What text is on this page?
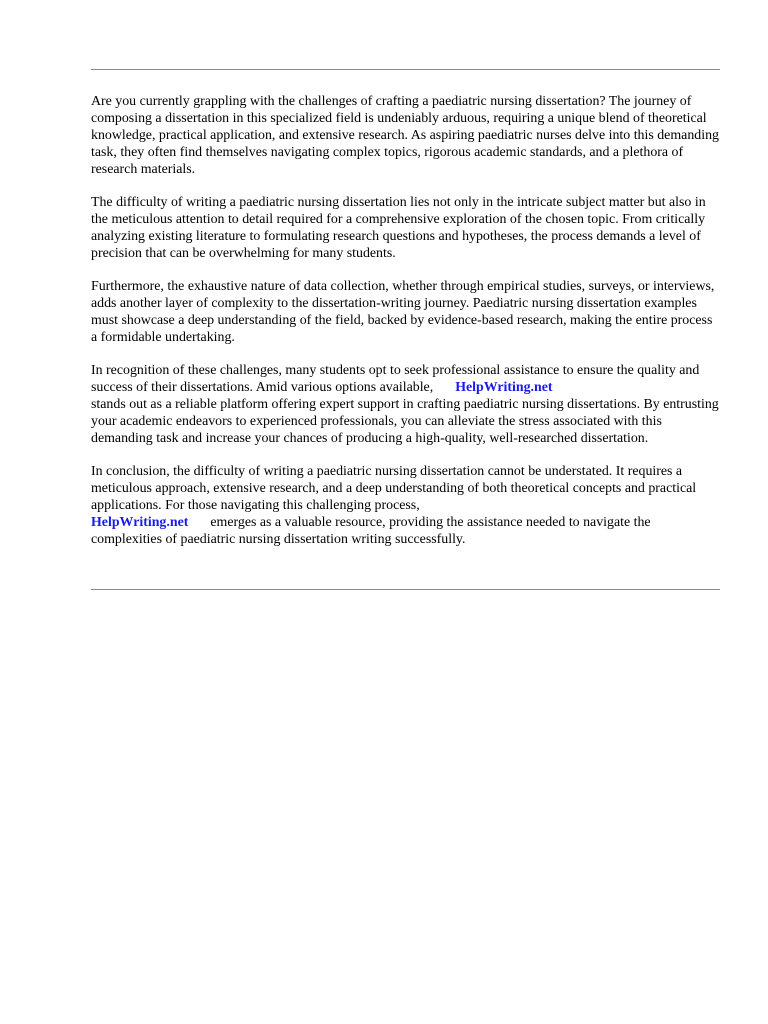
Are you currently grappling with the challenges of crafting a paediatric nursing dissertation? The journey of composing a dissertation in this specialized field is undeniably arduous, requiring a unique blend of theoretical knowledge, practical application, and extensive research. As aspiring paediatric nurses delve into this demanding task, they often find themselves navigating complex topics, rigorous academic standards, and a plethora of research materials.

The difficulty of writing a paediatric nursing dissertation lies not only in the intricate subject matter but also in the meticulous attention to detail required for a comprehensive exploration of the chosen topic. From critically analyzing existing literature to formulating research questions and hypotheses, the process demands a level of precision that can be overwhelming for many students.

Furthermore, the exhaustive nature of data collection, whether through empirical studies, surveys, or interviews, adds another layer of complexity to the dissertation-writing journey. Paediatric nursing dissertation examples must showcase a deep understanding of the field, backed by evidence-based research, making the entire process a formidable undertaking.

In recognition of these challenges, many students opt to seek professional assistance to ensure the quality and success of their dissertations. Amid various options available, HelpWriting.net
stands out as a reliable platform offering expert support in crafting paediatric nursing dissertations. By entrusting your academic endeavors to experienced professionals, you can alleviate the stress associated with this demanding task and increase your chances of producing a high-quality, well-researched dissertation.

In conclusion, the difficulty of writing a paediatric nursing dissertation cannot be understated. It requires a meticulous approach, extensive research, and a deep understanding of both theoretical concepts and practical applications. For those navigating this challenging process,
HelpWriting.net emerges as a valuable resource, providing the assistance needed to navigate the complexities of paediatric nursing dissertation writing successfully.
